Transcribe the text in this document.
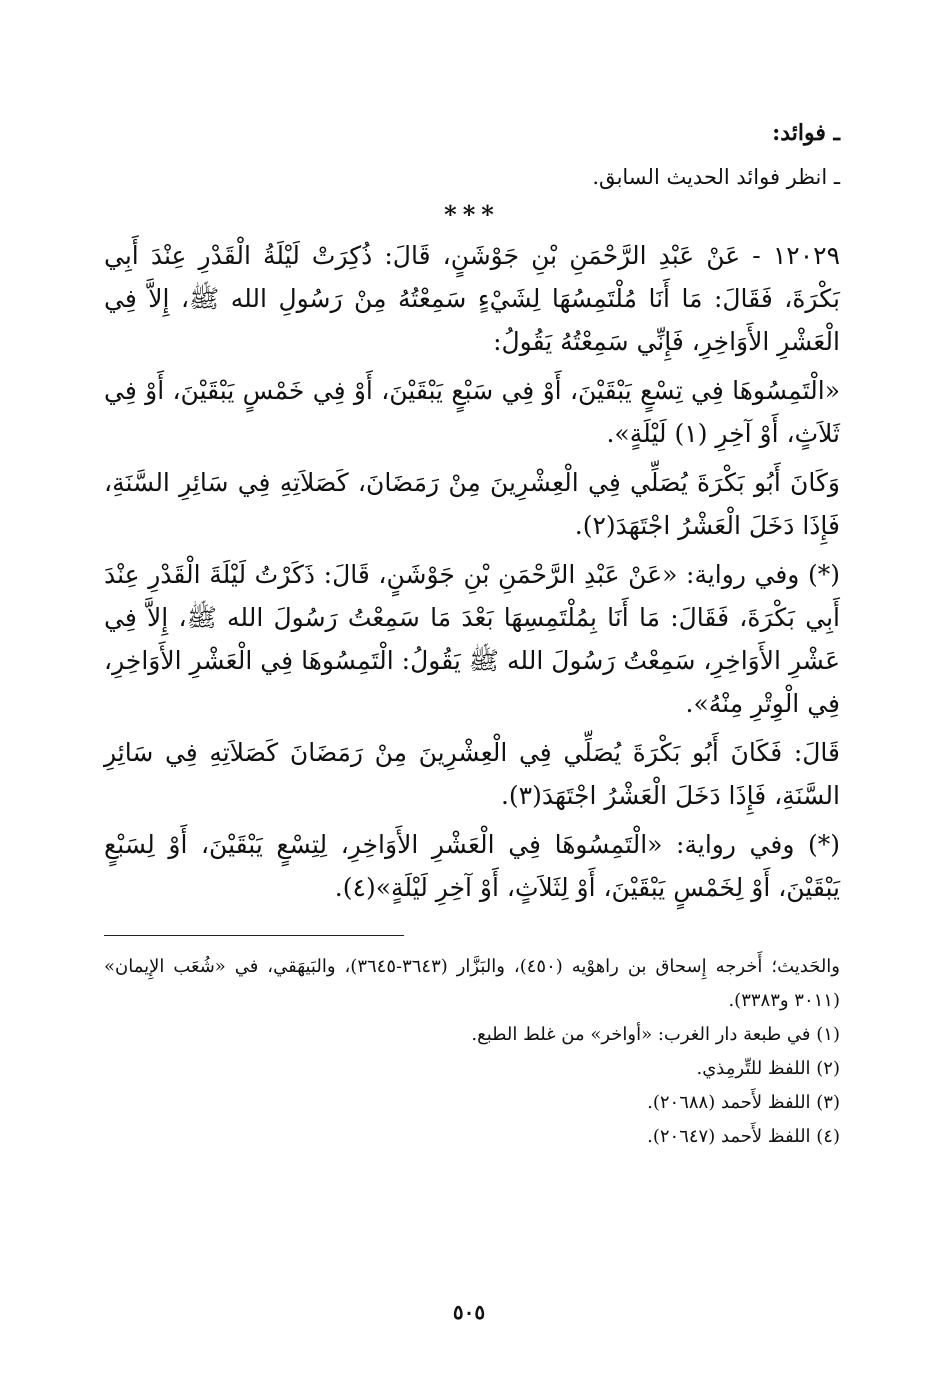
ـ فوائد:

ـ انظر فوائد الحديث السابق.

***

١٢٠٢٩ - عَنْ عَبْدِ الرَّحْمَنِ بْنِ جَوْشَنٍ، قَالَ: ذُكِرَتْ لَيْلَةُ الْقَدْرِ عِنْدَ أَبِي بَكْرَةَ، فَقَالَ: مَا أَنَا مُلْتَمِسُهَا لِشَيْءٍ سَمِعْتُهُ مِنْ رَسُولِ الله ﷺ، إِلاَّ فِي الْعَشْرِ الأَوَاخِرِ، فَإِنِّي سَمِعْتُهُ يَقُولُ:

«الْتَمِسُوهَا فِي تِسْعٍ يَبْقَيْنَ، أَوْ فِي سَبْعٍ يَبْقَيْنَ، أَوْ فِي خَمْسٍ يَبْقَيْنَ، أَوْ فِي ثَلاَثٍ، أَوْ آخِرِ (١) لَيْلَةٍ».

وَكَانَ أَبُو بَكْرَةَ يُصَلِّي فِي الْعِشْرِينَ مِنْ رَمَضَانَ، كَصَلاَتِهِ فِي سَائِرِ السَّنَةِ، فَإِذَا دَخَلَ الْعَشْرُ اجْتَهَدَ(٢).

(*) وفي رواية: «عَنْ عَبْدِ الرَّحْمَنِ بْنِ جَوْشَنٍ، قَالَ: ذَكَرْتُ لَيْلَةَ الْقَدْرِ عِنْدَ أَبِي بَكْرَةَ، فَقَالَ: مَا أَنَا بِمُلْتَمِسِهَا بَعْدَ مَا سَمِعْتُ رَسُولَ الله ﷺ، إِلاَّ فِي عَشْرِ الأَوَاخِرِ، سَمِعْتُ رَسُولَ الله ﷺ يَقُولُ: الْتَمِسُوهَا فِي الْعَشْرِ الأَوَاخِرِ، فِي الْوِتْرِ مِنْهُ».

قَالَ: فَكَانَ أَبُو بَكْرَةَ يُصَلِّي فِي الْعِشْرِينَ مِنْ رَمَضَانَ كَصَلاَتِهِ فِي سَائِرِ السَّنَةِ، فَإِذَا دَخَلَ الْعَشْرُ اجْتَهَدَ(٣).

(*) وفي رواية: «الْتَمِسُوهَا فِي الْعَشْرِ الأَوَاخِرِ، لِتِسْعٍ يَبْقَيْنَ، أَوْ لِسَبْعٍ يَبْقَيْنَ، أَوْ لِخَمْسٍ يَبْقَيْنَ، أَوْ لِثَلاَثٍ، أَوْ آخِرِ لَيْلَةٍ»(٤).

والحَديث؛ أَخرجه إِسحاق بن راهوْيه (٤٥٠)، والبَزَّار (٣٦٤٣-٣٦٤٥)، والبَيهَقي، في «شُعَب الإِيمان» (٣٠١١ و٣٣٨٣).

(١) في طبعة دار الغرب: «أواخر» من غلط الطبع.

(٢) اللفظ للتِّرمِذي.

(٣) اللفظ لأَحمد (٢٠٦٨٨).

(٤) اللفظ لأَحمد (٢٠٦٤٧).

٥٠٥
